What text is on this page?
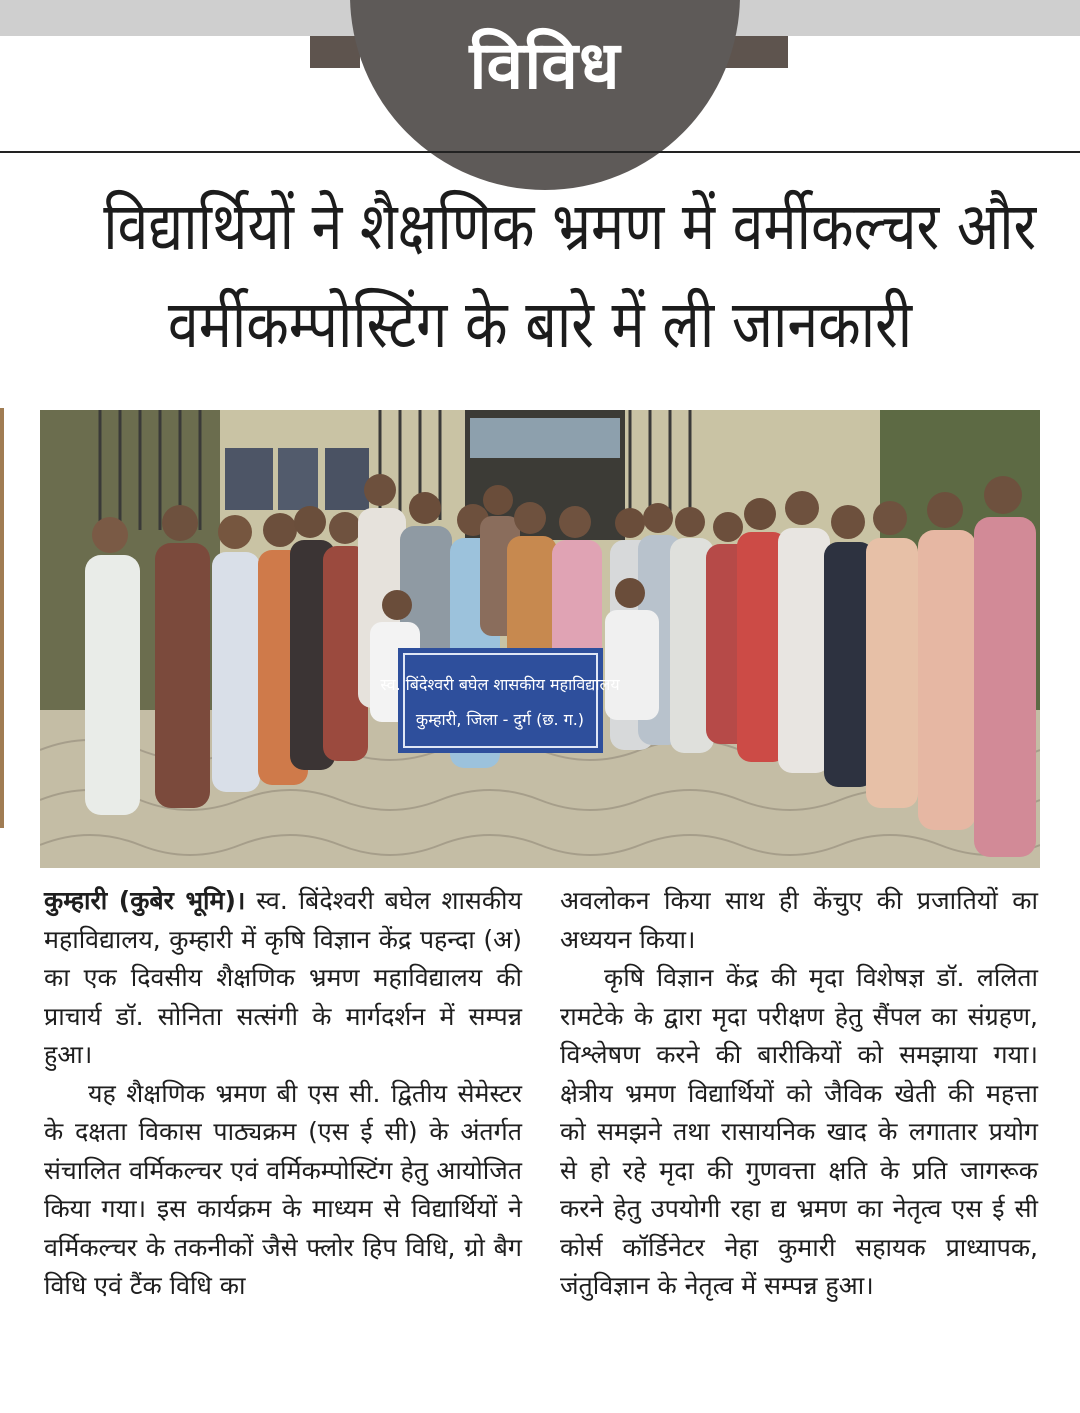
विविध
विद्यार्थियों ने शैक्षणिक भ्रमण में वर्मीकल्चर और
वर्मीकम्पोस्टिंग के बारे में ली जानकारी
स्व. बिंदेश्वरी बघेल शासकीय महाविद्यालय
कुम्हारी, जिला - दुर्ग (छ. ग.)

कुम्हारी (कुबेर भूमि)। स्व. बिंदेश्वरी बघेल शासकीय महाविद्यालय, कुम्हारी में कृषि विज्ञान केंद्र पहन्दा (अ) का एक दिवसीय शैक्षणिक भ्रमण महाविद्यालय की प्राचार्य डॉ. सोनिता सत्संगी के मार्गदर्शन में सम्पन्न हुआ।

यह शैक्षणिक भ्रमण बी एस सी. द्वितीय सेमेस्टर के दक्षता विकास पाठ्यक्रम (एस ई सी) के अंतर्गत संचालित वर्मिकल्चर एवं वर्मिकम्पोस्टिंग हेतु आयोजित किया गया। इस कार्यक्रम के माध्यम से विद्यार्थियों ने वर्मिकल्चर के तकनीकों जैसे फ्लोर हिप विधि, ग्रो बैग विधि एवं टैंक विधि का

अवलोकन किया साथ ही केंचुए की प्रजातियों का अध्ययन किया।

कृषि विज्ञान केंद्र की मृदा विशेषज्ञ डॉ. ललिता रामटेके के द्वारा मृदा परीक्षण हेतु सैंपल का संग्रहण, विश्लेषण करने की बारीकियों को समझाया गया। क्षेत्रीय भ्रमण विद्यार्थियों को जैविक खेती की महत्ता को समझने तथा रासायनिक खाद के लगातार प्रयोग से हो रहे मृदा की गुणवत्ता क्षति के प्रति जागरूक करने हेतु उपयोगी रहा द्य भ्रमण का नेतृत्व एस ई सी कोर्स कॉर्डिनेटर नेहा कुमारी सहायक प्राध्यापक, जंतुविज्ञान के नेतृत्व में सम्पन्न हुआ।
